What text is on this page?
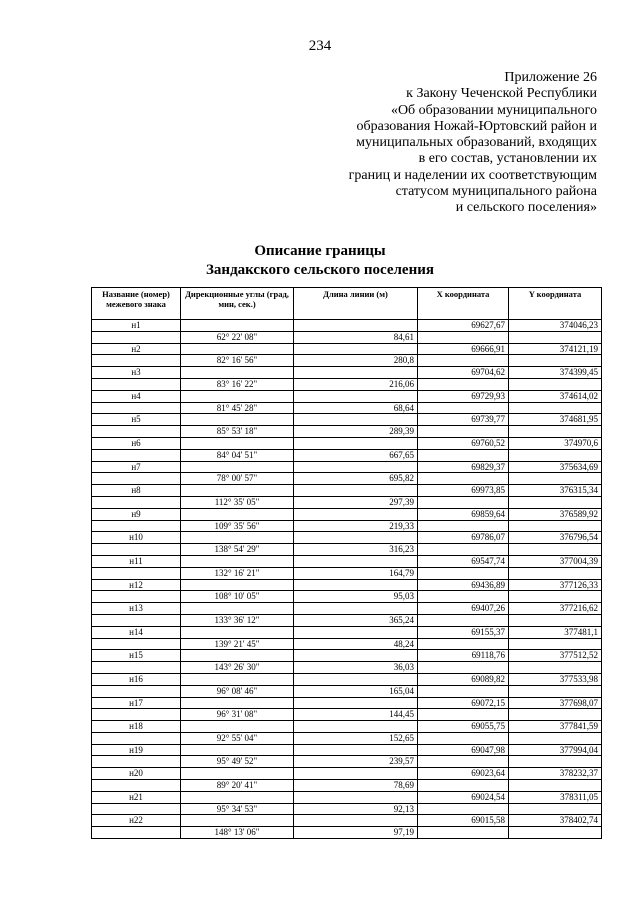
234
Приложение 26
к Закону Чеченской Республики
«Об образовании муниципального
образования Ножай-Юртовский район и
муниципальных образований, входящих
в его состав, установлении их
границ и наделении их соответствующим
статусом муниципального района
и сельского поселения»
Описание границы
Зандакского сельского поселения
Название (номер) межевого знака	Дирекционные углы (град, мин, сек.)	Длина линии (м)	X координата	Y координата
н1			69627,67	374046,23
	62° 22' 08"	84,61		
н2			69666,91	374121,19
	82° 16' 56"	280,8		
н3			69704,62	374399,45
	83° 16' 22"	216,06		
н4			69729,93	374614,02
	81° 45' 28"	68,64		
н5			69739,77	374681,95
	85° 53' 18"	289,39		
н6			69760,52	374970,6
	84° 04' 51"	667,65		
н7			69829,37	375634,69
	78° 00' 57"	695,82		
н8			69973,85	376315,34
	112° 35' 05"	297,39		
н9			69859,64	376589,92
	109° 35' 56"	219,33		
н10			69786,07	376796,54
	138° 54' 29"	316,23		
н11			69547,74	377004,39
	132° 16' 21"	164,79		
н12			69436,89	377126,33
	108° 10' 05"	95,03		
н13			69407,26	377216,62
	133° 36' 12"	365,24		
н14			69155,37	377481,1
	139° 21' 45"	48,24		
н15			69118,76	377512,52
	143° 26' 30"	36,03		
н16			69089,82	377533,98
	96° 08' 46"	165,04		
н17			69072,15	377698,07
	96° 31' 08"	144,45		
н18			69055,75	377841,59
	92° 55' 04"	152,65		
н19			69047,98	377994,04
	95° 49' 52"	239,57		
н20			69023,64	378232,37
	89° 20' 41"	78,69		
н21			69024,54	378311,05
	95° 34' 53"	92,13		
н22			69015,58	378402,74
	148° 13' 06"	97,19		
